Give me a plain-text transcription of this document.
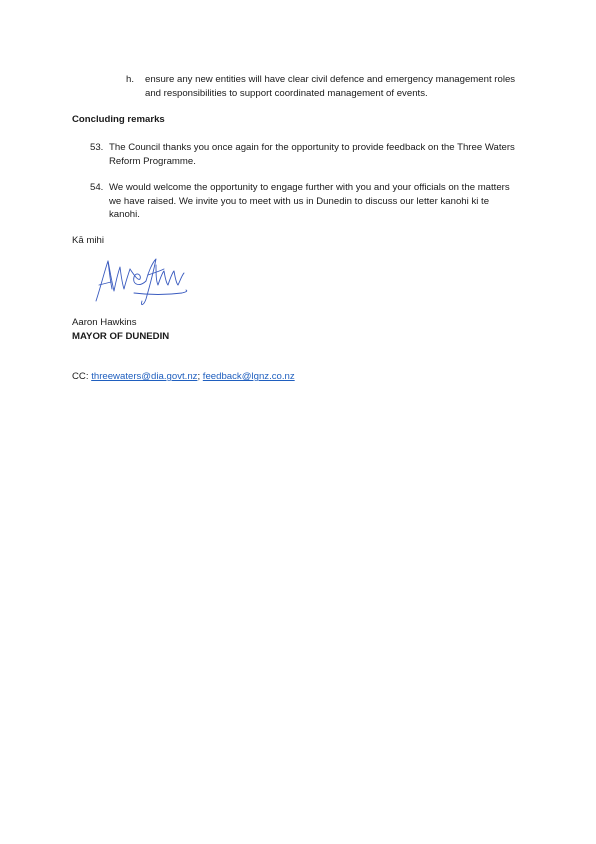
h. ensure any new entities will have clear civil defence and emergency management roles and responsibilities to support coordinated management of events.
Concluding remarks
53. The Council thanks you once again for the opportunity to provide feedback on the Three Waters Reform Programme.
54. We would welcome the opportunity to engage further with you and your officials on the matters we have raised. We invite you to meet with us in Dunedin to discuss our letter kanohi ki te kanohi.
Kā mihi
Aaron Hawkins
MAYOR OF DUNEDIN
CC: threewaters@dia.govt.nz; feedback@lgnz.co.nz
